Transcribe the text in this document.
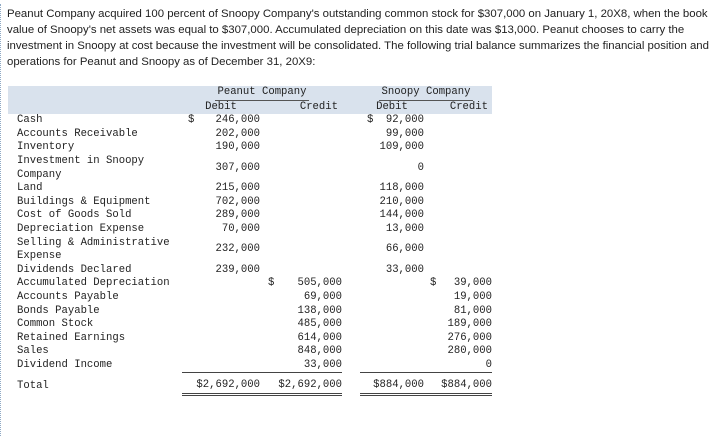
Peanut Company acquired 100 percent of Snoopy Company's outstanding common stock for $307,000 on January 1, 20X8, when the book value of Snoopy's net assets was equal to $307,000. Accumulated depreciation on this date was $13,000. Peanut chooses to carry the investment in Snoopy at cost because the investment will be consolidated. The following trial balance summarizes the financial position and operations for Peanut and Snoopy as of December 31, 20X9:
	Peanut Company			Snoopy Company	
	Debit	Credit		Debit	Credit
Cash	$ 246,000			$ 92,000	
Accounts Receivable	202,000			99,000	
Inventory	190,000			109,000	
Investment in Snoopy Company	307,000			0	
Land	215,000			118,000	
Buildings & Equipment	702,000			210,000	
Cost of Goods Sold	289,000			144,000	
Depreciation Expense	70,000			13,000	
Selling & Administrative Expense	232,000			66,000	
Dividends Declared	239,000			33,000	
Accumulated Depreciation		$ 505,000			$ 39,000
Accounts Payable		69,000			19,000
Bonds Payable		138,000			81,000
Common Stock		485,000			189,000
Retained Earnings		614,000			276,000
Sales		848,000			280,000
Dividend Income		33,000			0
Total	$2,692,000	$2,692,000		$884,000	$884,000
